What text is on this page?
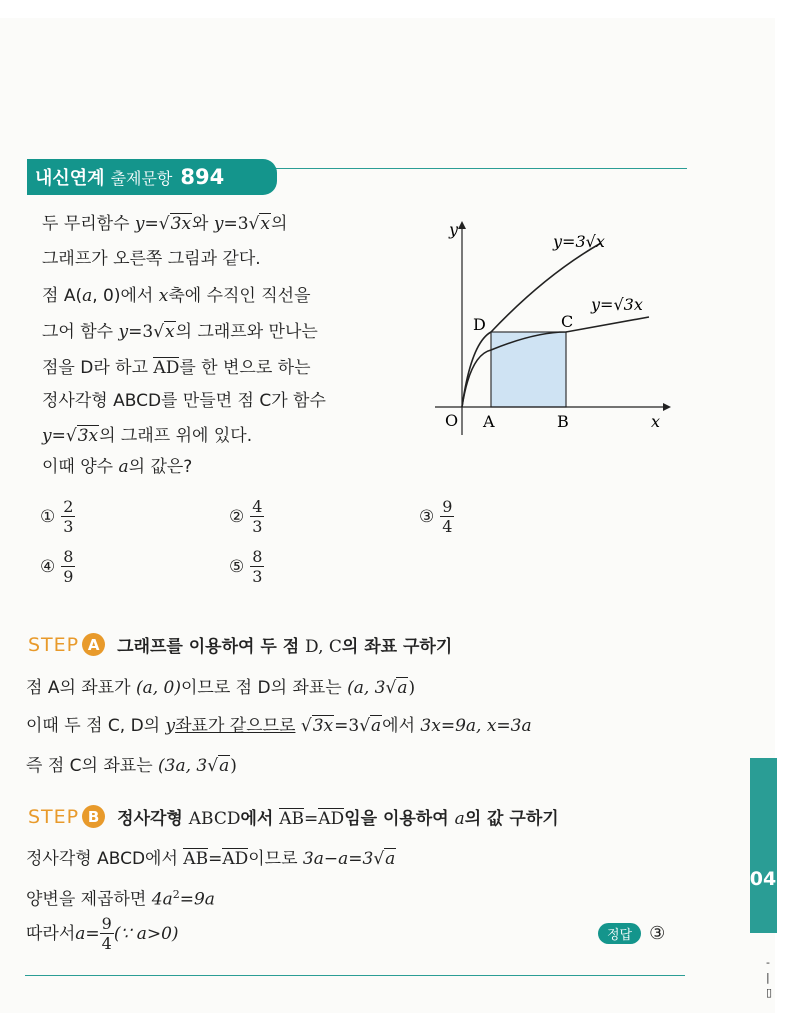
내신연계 출제문항 894
두 무리함수 y=√3x와 y=3√x의
그래프가 오른쪽 그림과 같다.
점 A(a, 0)에서 x축에 수직인 직선을
그어 함수 y=3√x의 그래프와 만나는
점을 D라 하고 AD를 한 변으로 하는
정사각형 ABCD를 만들면 점 C가 함수
y=√3x의 그래프 위에 있다.
이때 양수 a의 값은?
y
x
O A	B
C
D
y=3√x
y=√3x
① $\frac{2}{3}$	② $\frac{4}{3}$	③ $\frac{9}{4}$
④ $\frac{8}{9}$	⑤ $\frac{8}{3}$
STEP A	그래프를 이용하여 두 점 D, C의 좌표 구하기
점 A의 좌표가 (a, 0)이므로 점 D의 좌표는 (a, 3√a)
이때 두 점 C, D의 y좌표가 같으므로 √3x=3√a에서 3x=9a, x=3a
즉 점 C의 좌표는 (3a, 3√a)
STEP B	정사각형 ABCD에서 AB=AD임을 이용하여 a의 값 구하기
정사각형 ABCD에서 AB=AD이므로 3a−a=3√a
양변을 제곱하면 $4a^2=9a$
따라서 $a= \frac{9}{4}$ (∵ a>0)	정답 ③
04
-
|
▯
